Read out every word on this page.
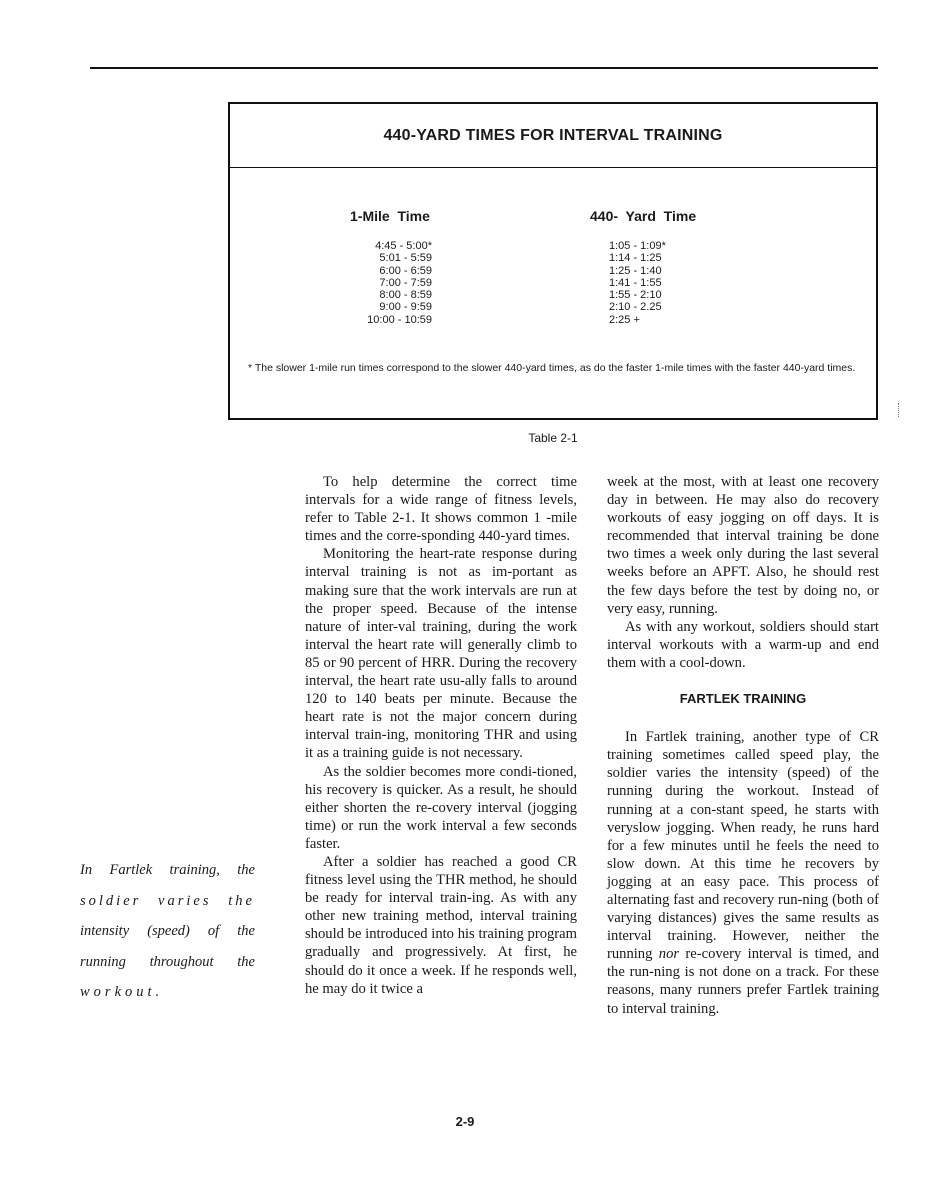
440-YARD TIMES FOR INTERVAL TRAINING
1-Mile  Time	440-  Yard  Time
4:45 - 5:00*
5:01 - 5:59
6:00 - 6:59
7:00 - 7:59
8:00 - 8:59
9:00 - 9:59
10:00 - 10:59
1:05 - 1:09*
1:14 - 1:25
1:25 - 1:40
1:41 - 1:55
1:55 - 2:10
2:10 - 2.25
2:25 +
* The slower 1-mile run times correspond to the slower 440-yard times, as do the faster 1-mile times with the faster 440-yard times.
Table 2-1
In Fartlek training, the
soldier varies the
intensity (speed) of the
running throughout the
workout.

To help determine the correct time intervals for a wide range of fitness levels, refer to Table 2-1. It shows common 1 -mile times and the corre-sponding 440-yard times.

Monitoring the heart-rate response during interval training is not as im-portant as making sure that the work intervals are run at the proper speed. Because of the intense nature of inter-val training, during the work interval the heart rate will generally climb to 85 or 90 percent of HRR. During the recovery interval, the heart rate usu-ally falls to around 120 to 140 beats per minute. Because the heart rate is not the major concern during interval train-ing, monitoring THR and using it as a training guide is not necessary.

As the soldier becomes more condi-tioned, his recovery is quicker. As a result, he should either shorten the re-covery interval (jogging time) or run the work interval a few seconds faster.

After a soldier has reached a good CR fitness level using the THR method, he should be ready for interval train-ing. As with any other new training method, interval training should be introduced into his training program gradually and progressively. At first, he should do it once a week. If he responds well, he may do it twice a

week at the most, with at least one recovery day in between. He may also do recovery workouts of easy jogging on off days. It is recommended that interval training be done two times a week only during the last several weeks before an APFT. Also, he should rest the few days before the test by doing no, or very easy, running.

As with any workout, soldiers should start interval workouts with a warm-up and end them with a cool-down.

FARTLEK TRAINING

In Fartlek training, another type of CR training sometimes called speed play, the soldier varies the intensity (speed) of the running during the workout. Instead of running at a con-stant speed, he starts with veryslow jogging. When ready, he runs hard for a few minutes until he feels the need to slow down. At this time he recovers by jogging at an easy pace. This process of alternating fast and recovery run-ning (both of varying distances) gives the same results as interval training. However, neither the running nor re-covery interval is timed, and the run-ning is not done on a track. For these reasons, many runners prefer Fartlek training to interval training.

2-9
